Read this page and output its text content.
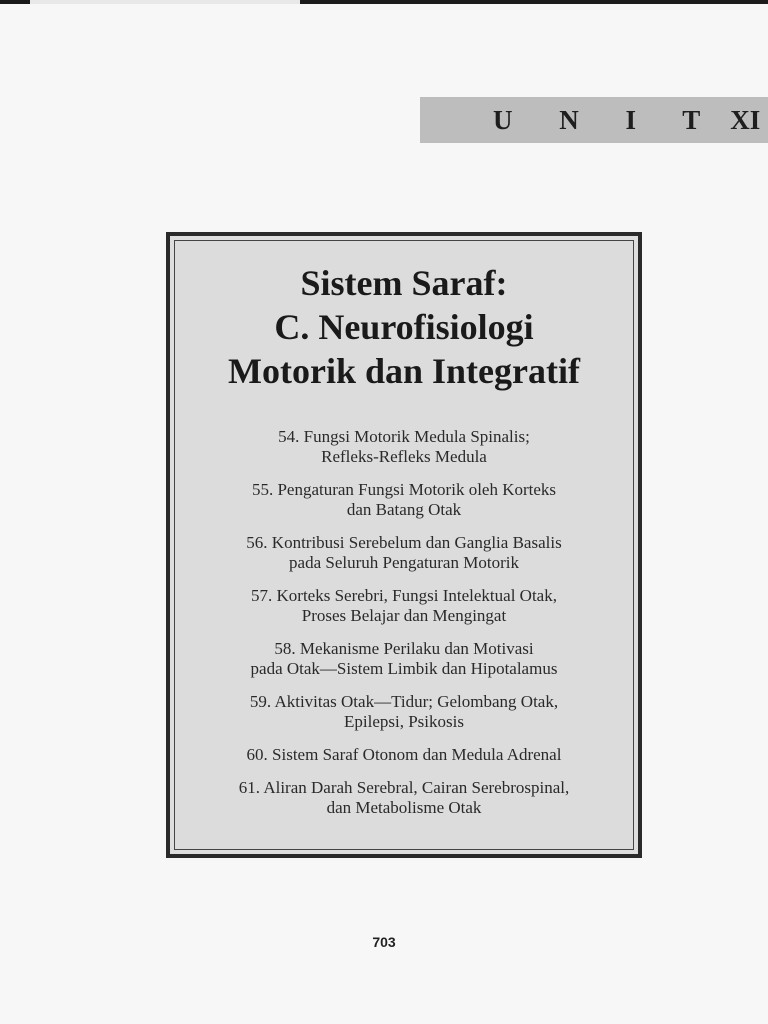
U N I T XI
Sistem Saraf:
C. Neurofisiologi
Motorik dan Integratif
54. Fungsi Motorik Medula Spinalis;
Refleks-Refleks Medula
55. Pengaturan Fungsi Motorik oleh Korteks
dan Batang Otak
56. Kontribusi Serebelum dan Ganglia Basalis
pada Seluruh Pengaturan Motorik
57. Korteks Serebri, Fungsi Intelektual Otak,
Proses Belajar dan Mengingat
58. Mekanisme Perilaku dan Motivasi
pada Otak—Sistem Limbik dan Hipotalamus
59. Aktivitas Otak—Tidur; Gelombang Otak,
Epilepsi, Psikosis
60. Sistem Saraf Otonom dan Medula Adrenal
61. Aliran Darah Serebral, Cairan Serebrospinal,
dan Metabolisme Otak
703
